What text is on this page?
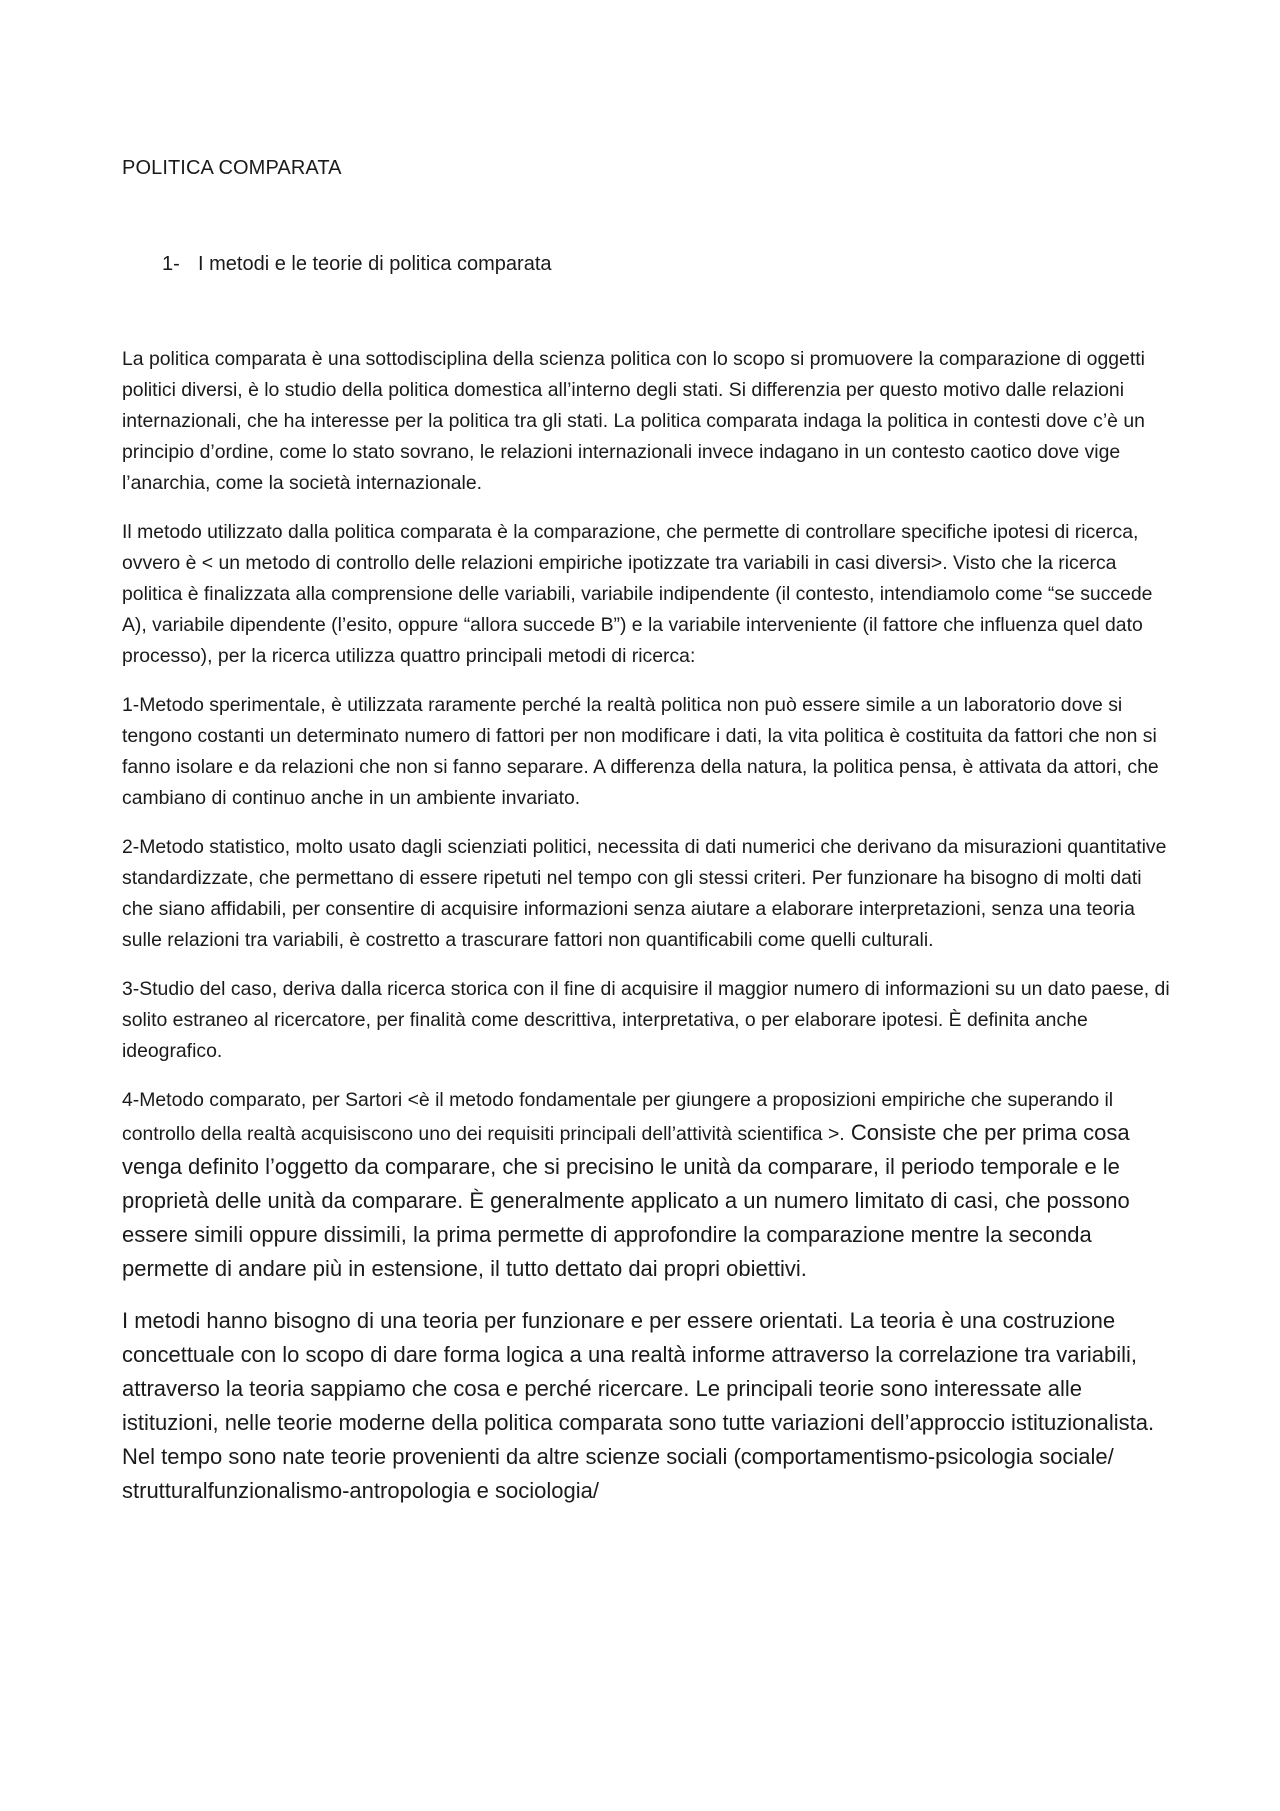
POLITICA COMPARATA

1- I metodi e le teorie di politica comparata

La politica comparata è una sottodisciplina della scienza politica con lo scopo si promuovere la comparazione di oggetti politici diversi, è lo studio della politica domestica all’interno degli stati. Si differenzia per questo motivo dalle relazioni internazionali, che ha interesse per la politica tra gli stati. La politica comparata indaga la politica in contesti dove c’è un principio d’ordine, come lo stato sovrano, le relazioni internazionali invece indagano in un contesto caotico dove vige l’anarchia, come la società internazionale.

Il metodo utilizzato dalla politica comparata è la comparazione, che permette di controllare specifiche ipotesi di ricerca, ovvero è < un metodo di controllo delle relazioni empiriche ipotizzate tra variabili in casi diversi>. Visto che la ricerca politica è finalizzata alla comprensione delle variabili, variabile indipendente (il contesto, intendiamolo come “se succede A), variabile dipendente (l’esito, oppure “allora succede B”) e la variabile interveniente (il fattore che influenza quel dato processo), per la ricerca utilizza quattro principali metodi di ricerca:

1-Metodo sperimentale, è utilizzata raramente perché la realtà politica non può essere simile a un laboratorio dove si tengono costanti un determinato numero di fattori per non modificare i dati, la vita politica è costituita da fattori che non si fanno isolare e da relazioni che non si fanno separare. A differenza della natura, la politica pensa, è attivata da attori, che cambiano di continuo anche in un ambiente invariato.

2-Metodo statistico, molto usato dagli scienziati politici, necessita di dati numerici che derivano da misurazioni quantitative standardizzate, che permettano di essere ripetuti nel tempo con gli stessi criteri. Per funzionare ha bisogno di molti dati che siano affidabili, per consentire di acquisire informazioni senza aiutare a elaborare interpretazioni, senza una teoria sulle relazioni tra variabili, è costretto a trascurare fattori non quantificabili come quelli culturali.

3-Studio del caso, deriva dalla ricerca storica con il fine di acquisire il maggior numero di informazioni su un dato paese, di solito estraneo al ricercatore, per finalità come descrittiva, interpretativa, o per elaborare ipotesi. È definita anche ideografico.

4-Metodo comparato, per Sartori <è il metodo fondamentale per giungere a proposizioni empiriche che superando il controllo della realtà acquisiscono uno dei requisiti principali dell’attività scientifica >. Consiste che per prima cosa venga definito l’oggetto da comparare, che si precisino le unità da comparare, il periodo temporale e le proprietà delle unità da comparare. È generalmente applicato a un numero limitato di casi, che possono essere simili oppure dissimili, la prima permette di approfondire la comparazione mentre la seconda permette di andare più in estensione, il tutto dettato dai propri obiettivi.

I metodi hanno bisogno di una teoria per funzionare e per essere orientati. La teoria è una costruzione concettuale con lo scopo di dare forma logica a una realtà informe attraverso la correlazione tra variabili, attraverso la teoria sappiamo che cosa e perché ricercare. Le principali teorie sono interessate alle istituzioni, nelle teorie moderne della politica comparata sono tutte variazioni dell’approccio istituzionalista. Nel tempo sono nate teorie provenienti da altre scienze sociali (comportamentismo-psicologia sociale/ strutturalfunzionalismo-antropologia e sociologia/
